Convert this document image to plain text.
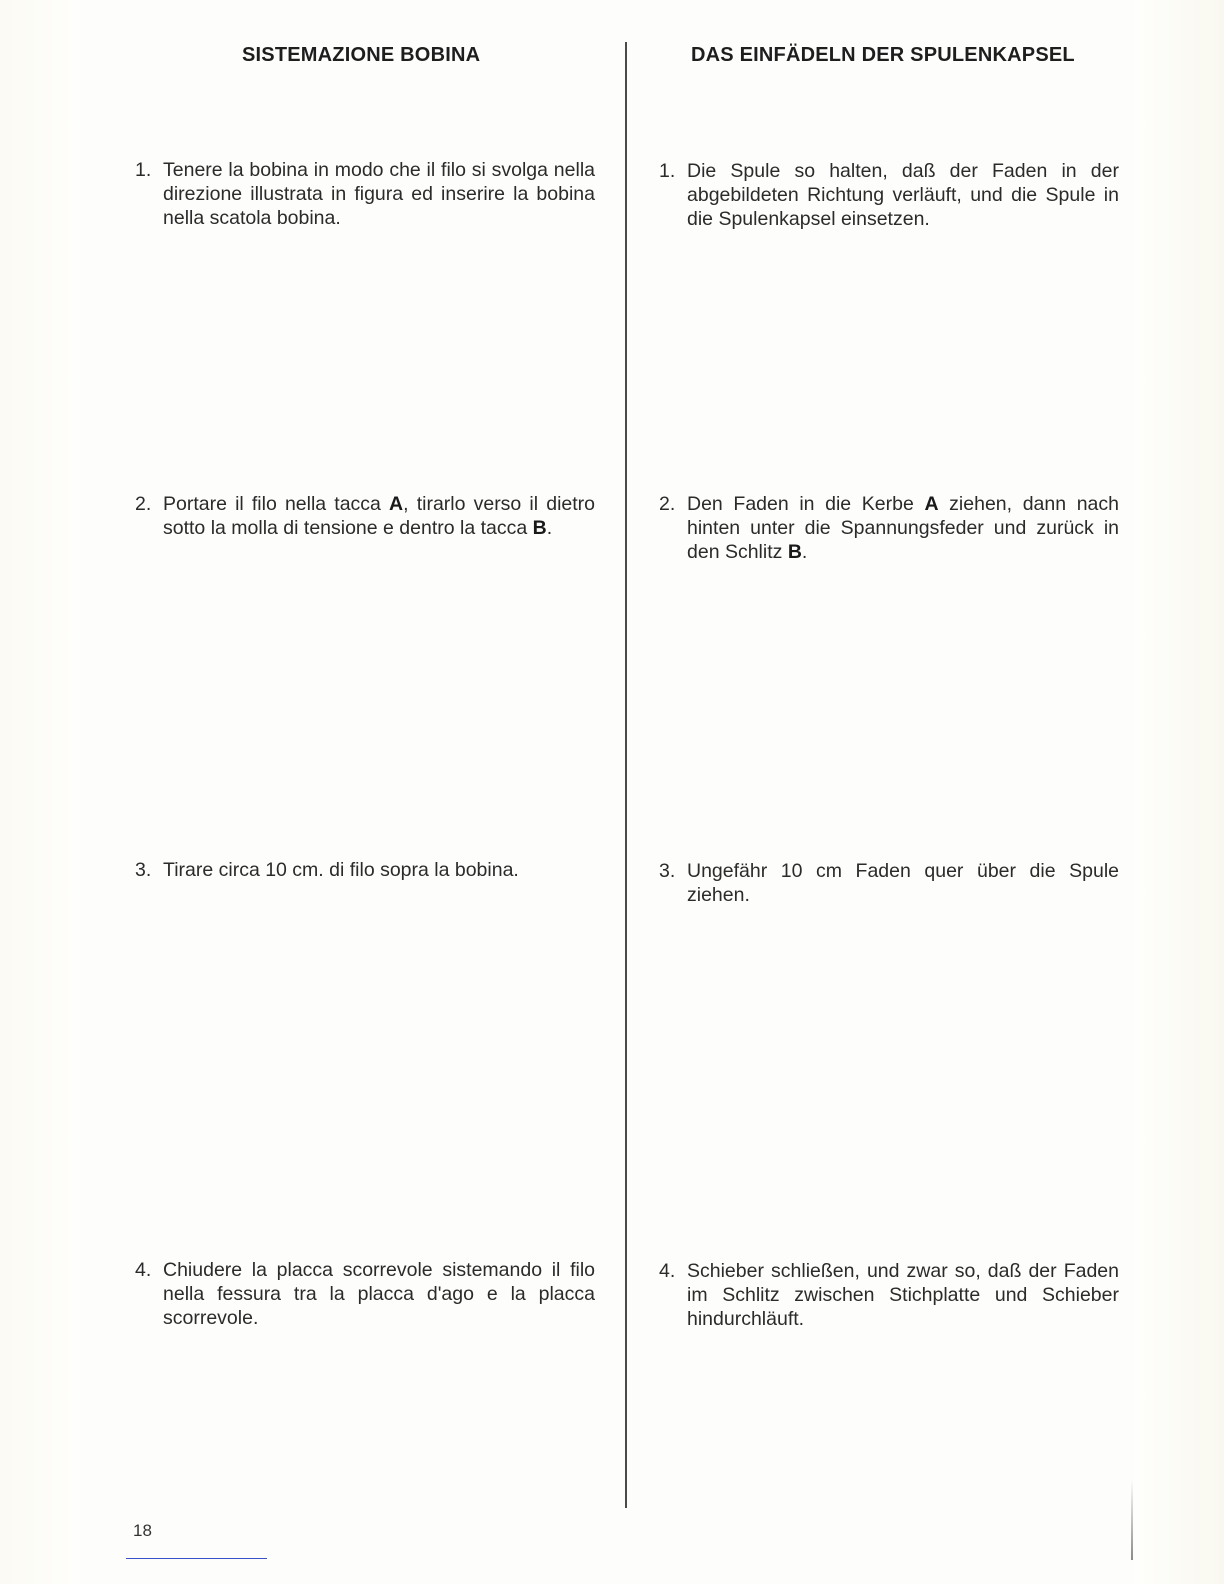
SISTEMAZIONE BOBINA	DAS EINFÄDELN DER SPULENKAPSEL
1. Tenere la bobina in modo che il filo si svolga nella direzione illustrata in figura ed inserire la bobina nella scatola bobina.
2. Portare il filo nella tacca A, tirarlo verso il dietro sotto la molla di tensione e dentro la tacca B.
3. Tirare circa 10 cm. di filo sopra la bobina.
4. Chiudere la placca scorrevole sistemando il filo nella fessura tra la placca d'ago e la placca scorrevole.
1. Die Spule so halten, daß der Faden in der abgebildeten Richtung verläuft, und die Spule in die Spulenkapsel einsetzen.
2. Den Faden in die Kerbe A ziehen, dann nach hinten unter die Spannungsfeder und zurück in den Schlitz B.
3. Ungefähr 10 cm Faden quer über die Spule ziehen.
4. Schieber schließen, und zwar so, daß der Faden im Schlitz zwischen Stichplatte und Schieber hindurchläuft.
18
